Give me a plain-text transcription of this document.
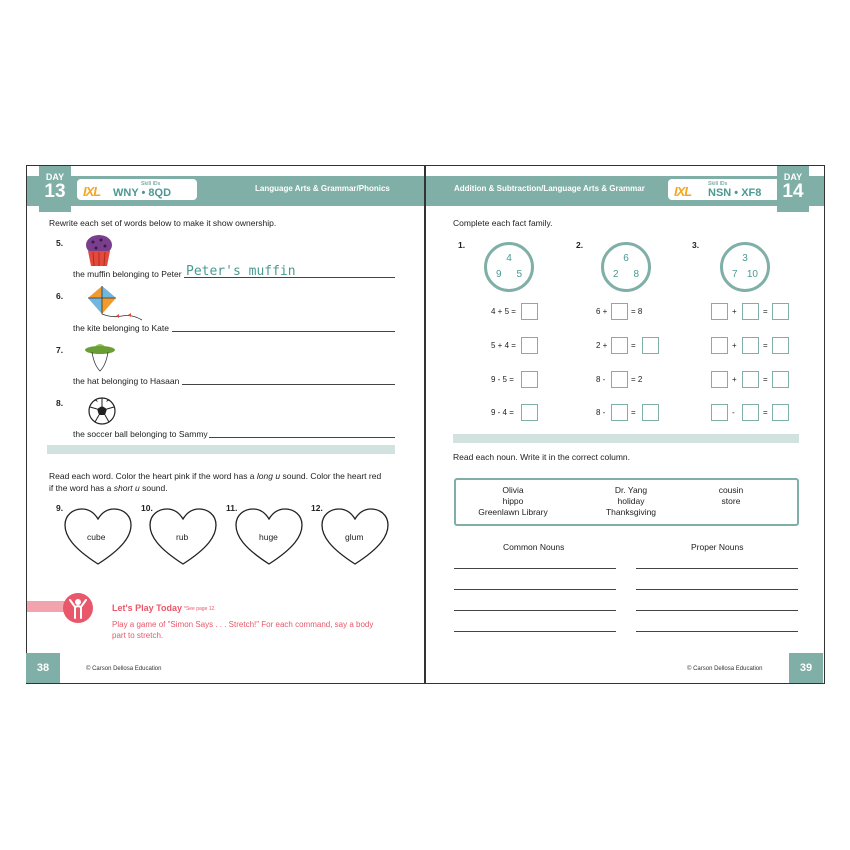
IXL	Skill IDs
WNY • 8QD	Language Arts & Grammar/Phonics
DAY
13	Addition & Subtraction/Language Arts & Grammar IXL	Skill IDs
NSN • XF8
DAY
14
Rewrite each set of words below to make it show ownership.
5.
the muffin belonging to Peter Peter's muffin
6.
the kite belonging to Kate
7.
the hat belonging to Hasaan
8.
the soccer ball belonging to Sammy
Read each word. Color the heart pink if the word has a long u sound. Color the heart red
if the word has a short u sound.
9.
cube
10.
rub
11.
huge
12.
glum
Let's Play Today *See page 12.
Play a game of "Simon Says . . . Stretch!" For each command, say a body part to stretch.
38	© Carson Dellosa Education
Complete each fact family.
1.
4
9 5
4 + 5 =
5 + 4 =
9 - 5 =
9 - 4 =
2.
6
2 8
6 +	= 8
2 +	=
8 -	= 2
8 -	=
3.
3
7 10
+	=
+	=
+	=
-	=
Read each noun. Write it in the correct column.
Olivia	Dr. Yang	cousin
hippo	holiday	store
Greenlawn Library	Thanksgiving
Common Nouns	Proper Nouns
© Carson Dellosa Education	39
